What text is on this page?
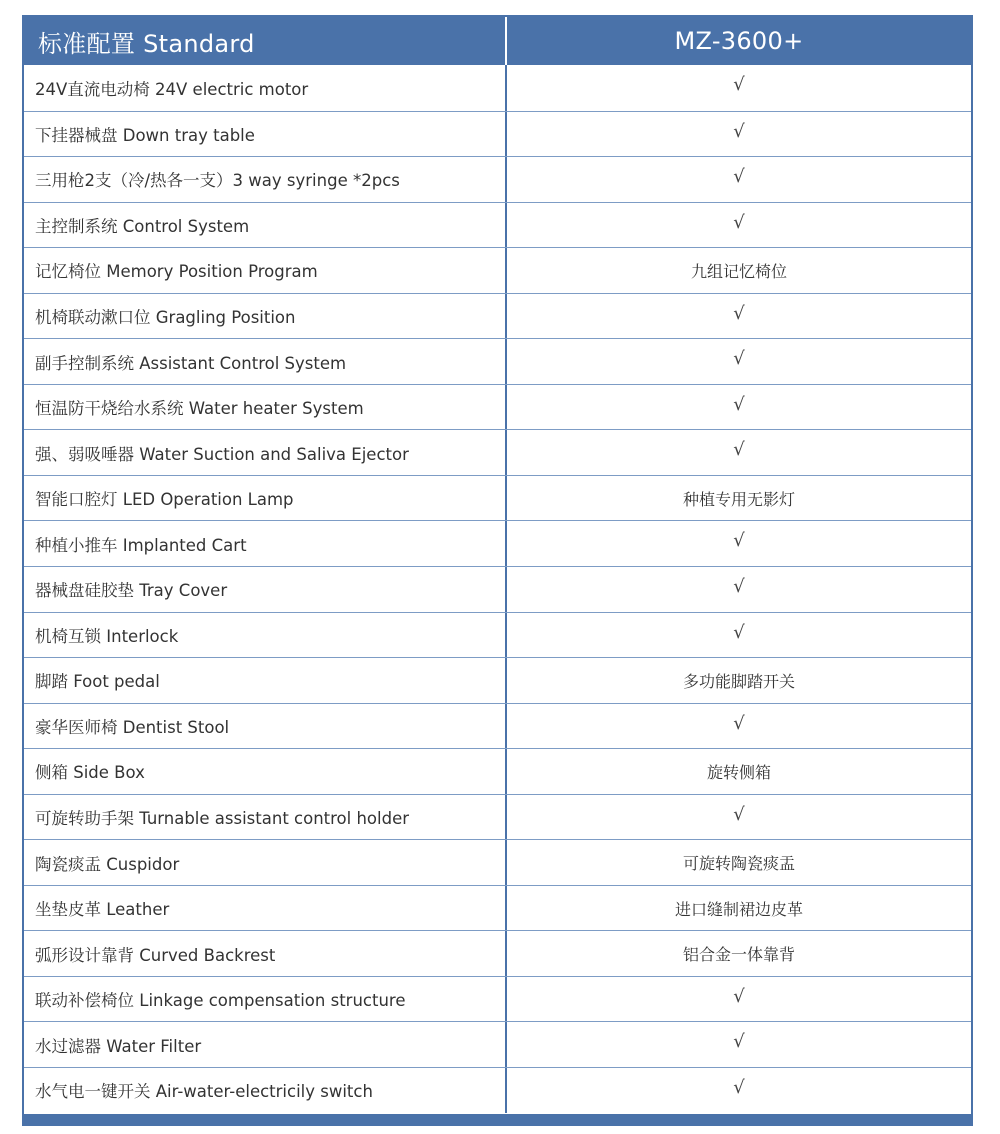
标准配置 Standard	MZ-3600+
24V直流电动椅 24V electric motor	√
下挂器械盘 Down tray table	√
三用枪2支（冷/热各一支）3 way syringe *2pcs	√
主控制系统 Control System	√
记忆椅位 Memory Position Program	九组记忆椅位
机椅联动漱口位 Gragling Position	√
副手控制系统 Assistant Control System	√
恒温防干烧给水系统 Water heater System	√
强、弱吸唾器 Water Suction and Saliva Ejector	√
智能口腔灯 LED Operation Lamp	种植专用无影灯
种植小推车 Implanted Cart	√
器械盘硅胶垫 Tray Cover	√
机椅互锁 Interlock	√
脚踏 Foot pedal	多功能脚踏开关
豪华医师椅 Dentist Stool	√
侧箱 Side Box	旋转侧箱
可旋转助手架 Turnable assistant control holder	√
陶瓷痰盂 Cuspidor	可旋转陶瓷痰盂
坐垫皮革 Leather	进口缝制裙边皮革
弧形设计靠背 Curved Backrest	铝合金一体靠背
联动补偿椅位 Linkage compensation structure	√
水过滤器 Water Filter	√
水气电一键开关 Air-water-electricily switch	√
